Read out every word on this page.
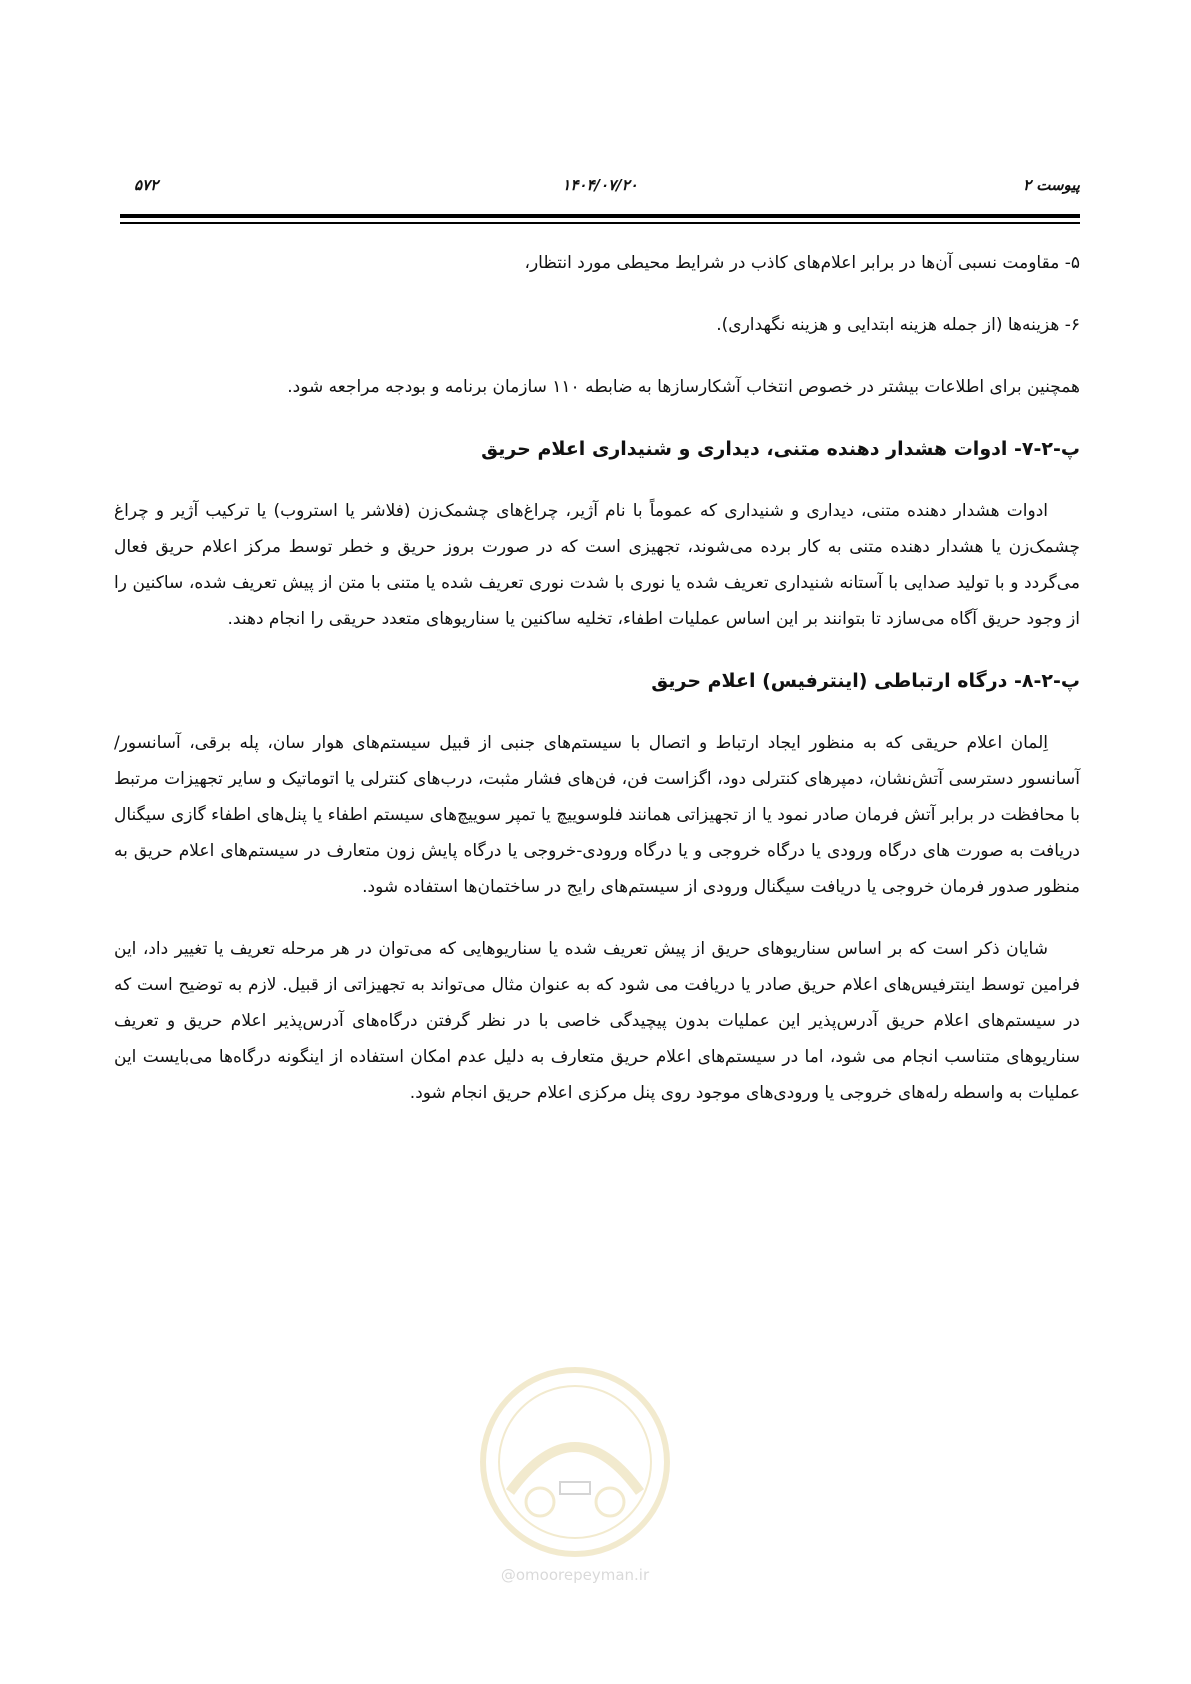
پیوست ۲
۱۴۰۴/۰۷/۲۰
۵۷۲

۵- مقاومت نسبی آن‌ها در برابر اعلام‌های کاذب در شرایط محیطی مورد انتظار،

۶- هزینه‌ها (از جمله هزینه ابتدایی و هزینه نگهداری).

همچنین برای اطلاعات بیشتر در خصوص انتخاب آشکارسازها به ضابطه ۱۱۰ سازمان برنامه و بودجه مراجعه شود.

پ-۲-۷- ادوات هشدار دهنده متنی، دیداری و شنیداری اعلام حریق

ادوات هشدار دهنده متنی، دیداری و شنیداری که عموماً با نام آژیر، چراغ‌های چشمک‌زن (فلاشر یا استروب) یا ترکیب آژیر و چراغ چشمک‌زن یا هشدار دهنده متنی به کار برده می‌شوند، تجهیزی است که در صورت بروز حریق و خطر توسط مرکز اعلام حریق فعال می‌گردد و با تولید صدایی با آستانه شنیداری تعریف شده یا نوری با شدت نوری تعریف شده یا متنی با متن از پیش تعریف شده، ساکنین را از وجود حریق آگاه می‌سازد تا بتوانند بر این اساس عملیات اطفاء، تخلیه ساکنین یا سناریوهای متعدد حریقی را انجام دهند.

پ-۲-۸- درگاه ارتباطی (اینترفیس) اعلام حریق

اِلمان اعلام حریقی که به منظور ایجاد ارتباط و اتصال با سیستم‌های جنبی از قبیل سیستم‌های هوار سان، پله برقی، آسانسور/آسانسور دسترسی آتش‌نشان، دمپرهای کنترلی دود، اگزاست فن، فن‌های فشار مثبت، درب‌های کنترلی یا اتوماتیک و سایر تجهیزات مرتبط با محافظت در برابر آتش فرمان صادر نمود یا از تجهیزاتی همانند فلوسوییچ یا تمپر سوییچ‌های سیستم اطفاء یا پنل‌های اطفاء گازی سیگنال دریافت به صورت های درگاه ورودی یا درگاه خروجی و یا درگاه ورودی-خروجی یا درگاه پایش زون متعارف در سیستم‌های اعلام حریق به منظور صدور فرمان خروجی یا دریافت سیگنال ورودی از سیستم‌های رایج در ساختمان‌ها استفاده شود.

شایان ذکر است که بر اساس سناریوهای حریق از پیش تعریف شده یا سناریوهایی که می‌توان در هر مرحله تعریف یا تغییر داد، این فرامین توسط اینترفیس‌های اعلام حریق صادر یا دریافت می شود که به عنوان مثال می‌تواند به تجهیزاتی از قبیل. لازم به توضیح است که در سیستم‌های اعلام حریق آدرس‌پذیر این عملیات بدون پیچیدگی خاصی با در نظر گرفتن درگاه‌های آدرس‌پذیر اعلام حریق و تعریف سناریوهای متناسب انجام می شود، اما در سیستم‌های اعلام حریق متعارف به دلیل عدم امکان استفاده از اینگونه درگاه‌ها می‌بایست این عملیات به واسطه رله‌های خروجی یا ورودی‌های موجود روی پنل مرکزی اعلام حریق انجام شود.

@omoorepeyman.ir
